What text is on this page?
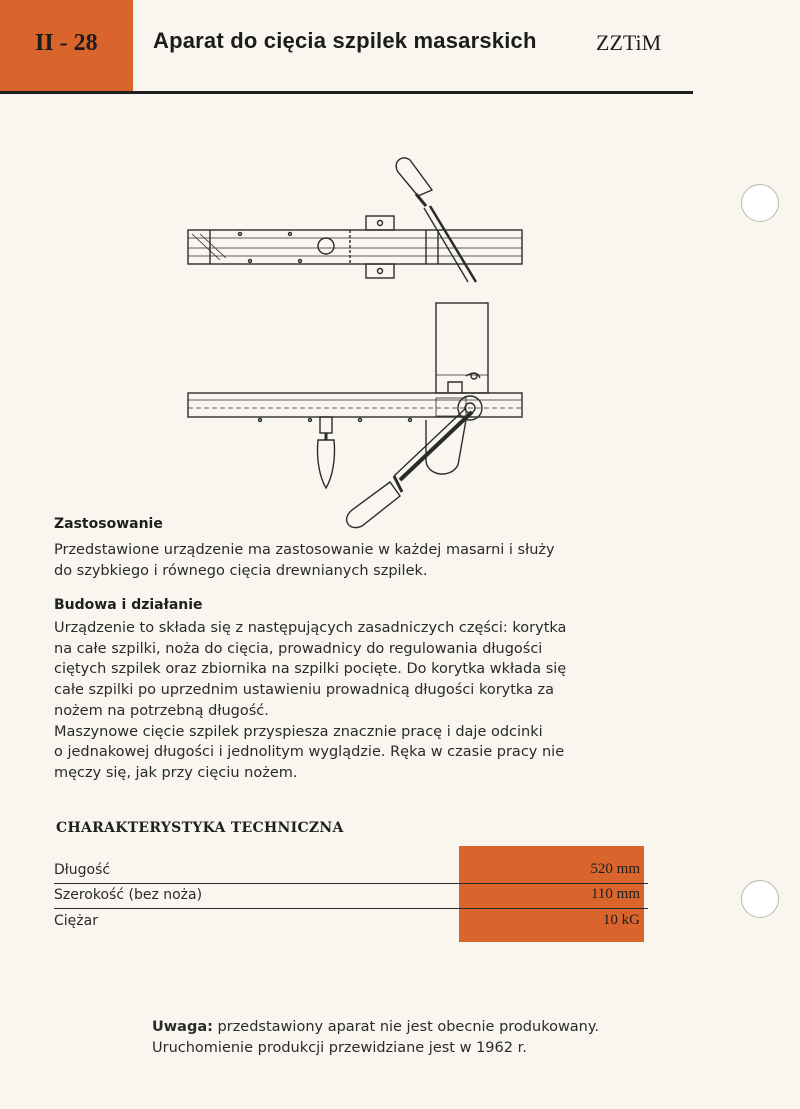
II - 28	Aparat do cięcia szpilek masarskich	ZZTiM
Zastosowanie
Przedstawione urządzenie ma zastosowanie w każdej masarni i służy
do szybkiego i równego cięcia drewnianych szpilek.
Budowa i działanie
Urządzenie to składa się z następujących zasadniczych części: korytka
na całe szpilki, noża do cięcia, prowadnicy do regulowania długości
ciętych szpilek oraz zbiornika na szpilki pocięte. Do korytka wkłada się
całe szpilki po uprzednim ustawieniu prowadnicą długości korytka za
nożem na potrzebną długość.
Maszynowe cięcie szpilek przyspiesza znacznie pracę i daje odcinki
o jednakowej długości i jednolitym wyglądzie. Ręka w czasie pracy nie
męczy się, jak przy cięciu nożem.
CHARAKTERYSTYKA TECHNICZNA
Długość	520 mm
Szerokość (bez noża)	110 mm
Ciężar	10 kG
Uwaga: przedstawiony aparat nie jest obecnie produkowany.
Uruchomienie produkcji przewidziane jest w 1962 r.
